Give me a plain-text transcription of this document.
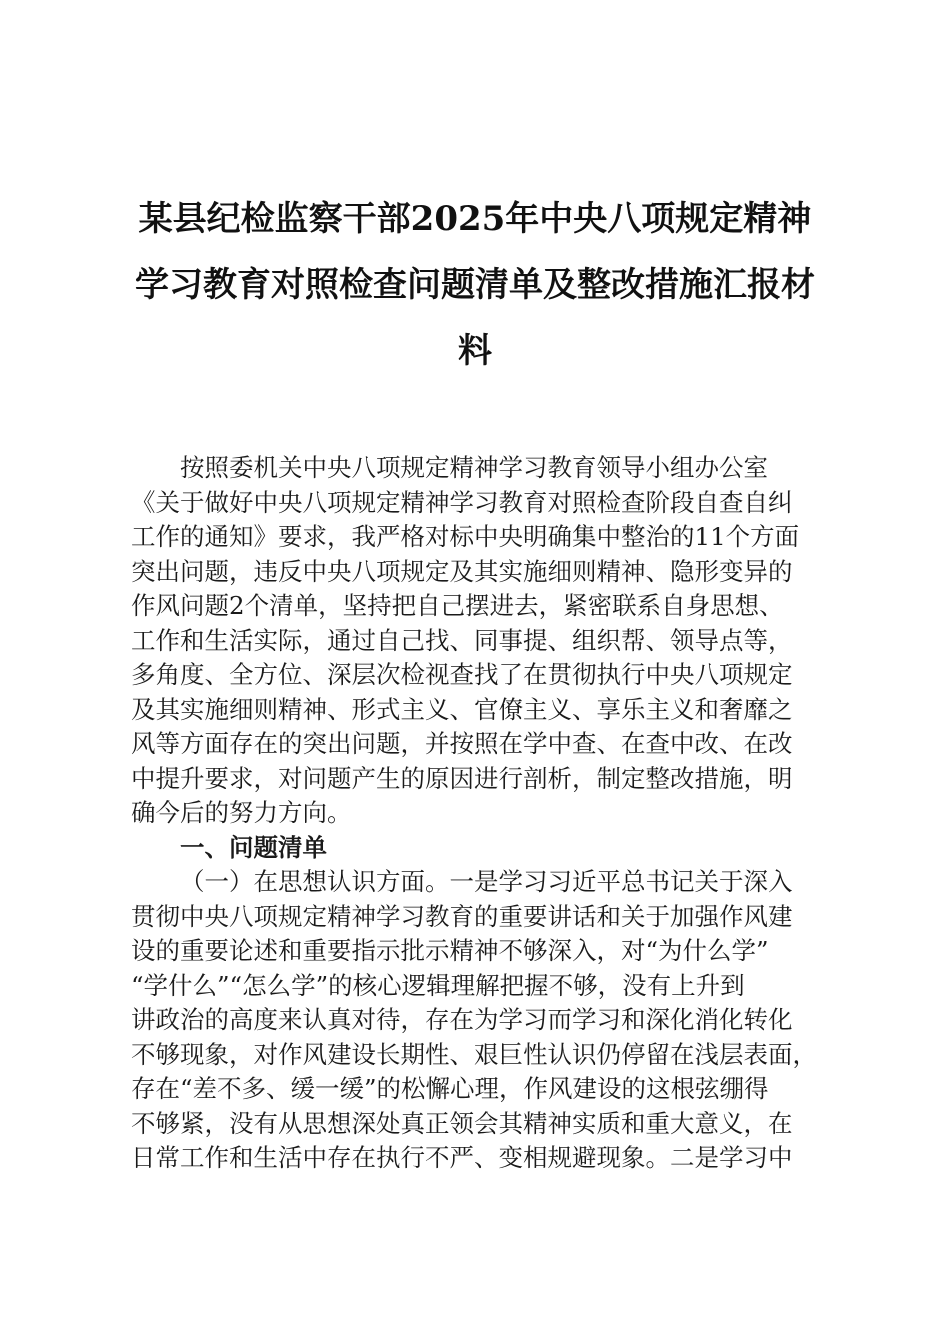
某县纪检监察干部2025年中央八项规定精神
学习教育对照检查问题清单及整改措施汇报材
料
按照委机关中央八项规定精神学习教育领导小组办公室
《关于做好中央八项规定精神学习教育对照检查阶段自查自纠
工作的通知》要求，我严格对标中央明确集中整治的11个方面
突出问题，违反中央八项规定及其实施细则精神、隐形变异的
作风问题2个清单，坚持把自己摆进去，紧密联系自身思想、
工作和生活实际，通过自己找、同事提、组织帮、领导点等，
多角度、全方位、深层次检视查找了在贯彻执行中央八项规定
及其实施细则精神、形式主义、官僚主义、享乐主义和奢靡之
风等方面存在的突出问题，并按照在学中查、在查中改、在改
中提升要求，对问题产生的原因进行剖析，制定整改措施，明
确今后的努力方向。
一、问题清单
（一）在思想认识方面。一是学习习近平总书记关于深入
贯彻中央八项规定精神学习教育的重要讲话和关于加强作风建
设的重要论述和重要指示批示精神不够深入，对“为什么学”
“学什么”“怎么学”的核心逻辑理解把握不够，没有上升到
讲政治的高度来认真对待，存在为学习而学习和深化消化转化
不够现象，对作风建设长期性、艰巨性认识仍停留在浅层表面，
存在“差不多、缓一缓”的松懈心理，作风建设的这根弦绷得
不够紧，没有从思想深处真正领会其精神实质和重大意义，在
日常工作和生活中存在执行不严、变相规避现象。二是学习中
